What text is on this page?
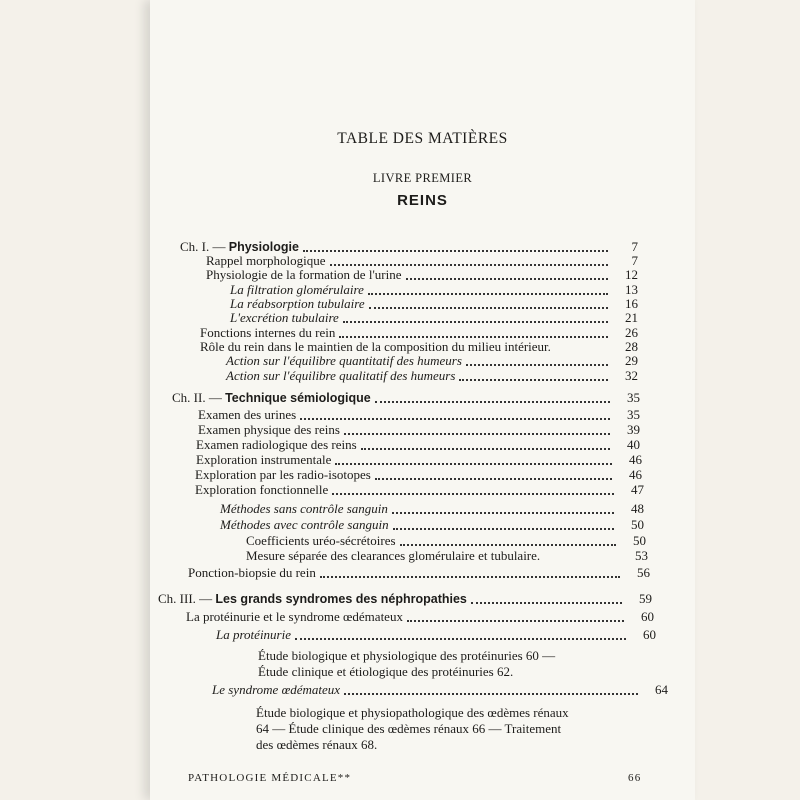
TABLE DES MATIÈRES
LIVRE PREMIER
REINS
Ch. I. — Physiologie	7
Rappel morphologique	7
Physiologie de la formation de l'urine	12
La filtration glomérulaire	13
La réabsorption tubulaire	16
L'excrétion tubulaire	21
Fonctions internes du rein	26
Rôle du rein dans le maintien de la composition du milieu intérieur.	28
Action sur l'équilibre quantitatif des humeurs	29
Action sur l'équilibre qualitatif des humeurs	32
Ch. II. — Technique sémiologique	35
Examen des urines	35
Examen physique des reins	39
Examen radiologique des reins	40
Exploration instrumentale	46
Exploration par les radio-isotopes	46
Exploration fonctionnelle	47
Méthodes sans contrôle sanguin	48
Méthodes avec contrôle sanguin	50
Coefficients uréo-sécrétoires	50
Mesure séparée des clearances glomérulaire et tubulaire.	53
Ponction-biopsie du rein	56
Ch. III. — Les grands syndromes des néphropathies	59
La protéinurie et le syndrome œdémateux	60
La protéinurie	60
Étude biologique et physiologique des protéinuries 60 —
Étude clinique et étiologique des protéinuries 62.
Le syndrome œdémateux	64
Étude biologique et physiopathologique des œdèmes rénaux
64 — Étude clinique des œdèmes rénaux 66 — Traitement
des œdèmes rénaux 68.
PATHOLOGIE MÉDICALE**	66
